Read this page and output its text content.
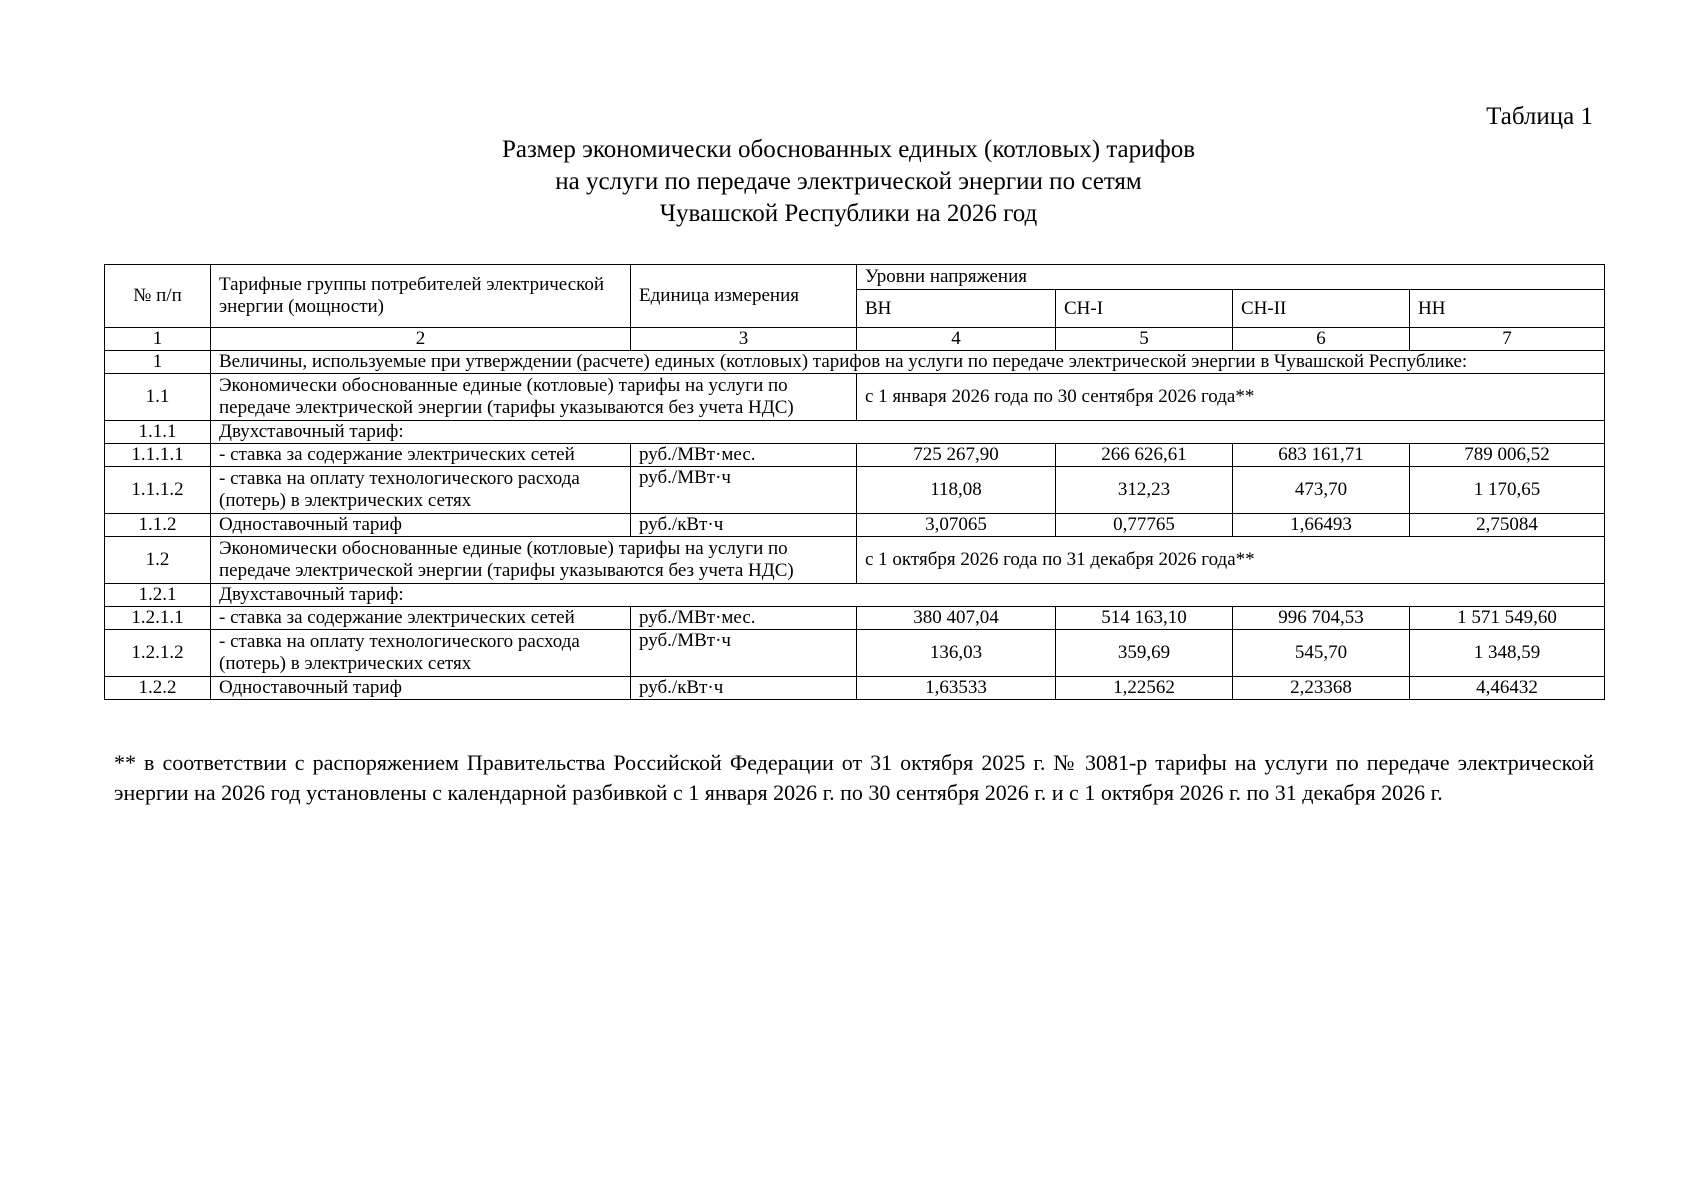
Таблица 1
Размер экономически обоснованных единых (котловых) тарифов
на услуги по передаче электрической энергии по сетям
Чувашской Республики на 2026 год
№ п/п	Тарифные группы потребителей электрической энергии (мощности)	Единица измерения	Уровни напряжения			
			ВН	СН-I	СН-II	НН
1	2	3	4	5	6	7
1	Величины, используемые при утверждении (расчете) единых (котловых) тарифов на услуги по передаче электрической энергии в Чувашской Республике:					
1.1	Экономически обоснованные единые (котловые) тарифы на услуги по передаче электрической энергии (тарифы указываются без учета НДС)		с 1 января 2026 года по 30 сентября 2026 года**			
1.1.1	Двухставочный тариф:					
1.1.1.1	- ставка за содержание электрических сетей	руб./МВт·мес.	725 267,90	266 626,61	683 161,71	789 006,52
1.1.1.2	- ставка на оплату технологического расхода (потерь) в электрических сетях	руб./МВт·ч	118,08	312,23	473,70	1 170,65
1.1.2	Одноставочный тариф	руб./кВт·ч	3,07065	0,77765	1,66493	2,75084
1.2	Экономически обоснованные единые (котловые) тарифы на услуги по передаче электрической энергии (тарифы указываются без учета НДС)		с 1 октября 2026 года по 31 декабря 2026 года**			
1.2.1	Двухставочный тариф:					
1.2.1.1	- ставка за содержание электрических сетей	руб./МВт·мес.	380 407,04	514 163,10	996 704,53	1 571 549,60
1.2.1.2	- ставка на оплату технологического расхода (потерь) в электрических сетях	руб./МВт·ч	136,03	359,69	545,70	1 348,59
1.2.2	Одноставочный тариф	руб./кВт·ч	1,63533	1,22562	2,23368	4,46432
** в соответствии с распоряжением Правительства Российской Федерации от 31 октября 2025 г. № 3081-р тарифы на услуги по передаче электрической энергии на 2026 год установлены с календарной разбивкой с 1 января 2026 г. по 30 сентября 2026 г. и с 1 октября 2026 г. по 31 декабря 2026 г.
